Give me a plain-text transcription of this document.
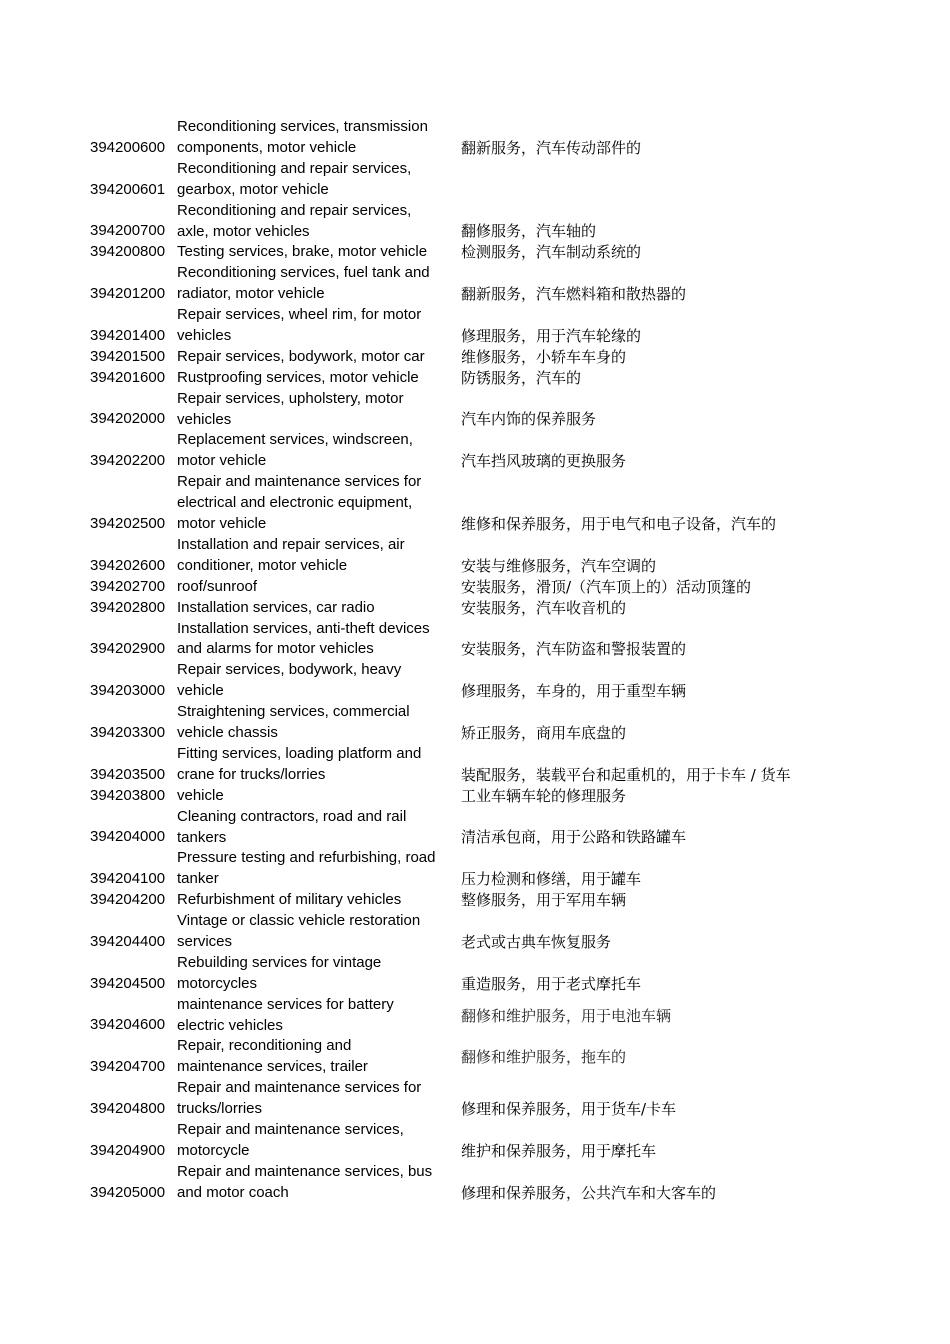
394200600
Reconditioning services, transmission
components, motor vehicle	翻新服务，汽车传动部件的
394200601
Reconditioning and repair services,
gearbox, motor vehicle
394200700
Reconditioning and repair services,
axle, motor vehicles	翻修服务，汽车轴的
394200800 Testing services, brake, motor vehicle	检测服务，汽车制动系统的
394201200
Reconditioning services, fuel tank and
radiator, motor vehicle	翻新服务，汽车燃料箱和散热器的
394201400
Repair services, wheel rim, for motor
vehicles	修理服务，用于汽车轮缘的
394201500 Repair services, bodywork, motor car	维修服务，小轿车车身的
394201600 Rustproofing services, motor vehicle	防锈服务，汽车的
394202000
Repair services, upholstery, motor
vehicles	汽车内饰的保养服务
394202200
Replacement services, windscreen,
motor vehicle	汽车挡风玻璃的更换服务
394202500
Repair and maintenance services for
electrical and electronic equipment,
motor vehicle	维修和保养服务，用于电气和电子设备，汽车的
394202600
Installation and repair services, air
conditioner, motor vehicle	安装与维修服务，汽车空调的
394202700 roof/sunroof	安装服务，滑顶/（汽车顶上的）活动顶篷的
394202800 Installation services, car radio	安装服务，汽车收音机的
394202900
Installation services, anti-theft devices
and alarms for motor vehicles	安装服务，汽车防盗和警报装置的
394203000
Repair services, bodywork, heavy
vehicle	修理服务，车身的，用于重型车辆
394203300
Straightening services, commercial
vehicle chassis	矫正服务，商用车底盘的
394203500
Fitting services, loading platform and
crane for trucks/lorries	装配服务，装载平台和起重机的，用于卡车 / 货车
394203800 vehicle	工业车辆车轮的修理服务
394204000
Cleaning contractors, road and rail
tankers	清洁承包商，用于公路和铁路罐车
394204100
Pressure testing and refurbishing, road
tanker	压力检测和修缮，用于罐车
394204200 Refurbishment of military vehicles	整修服务，用于军用车辆
394204400
Vintage or classic vehicle restoration
services	老式或古典车恢复服务
394204500
Rebuilding services for vintage
motorcycles	重造服务，用于老式摩托车
394204600
maintenance services for battery
electric vehicles
翻修和维护服务，用于电池车辆
394204700
Repair, reconditioning and
maintenance services, trailer
翻修和维护服务，拖车的
394204800
Repair and maintenance services for
trucks/lorries	修理和保养服务，用于货车/卡车
394204900
Repair and maintenance services,
motorcycle	维护和保养服务，用于摩托车
394205000
Repair and maintenance services, bus
and motor coach	修理和保养服务，公共汽车和大客车的
